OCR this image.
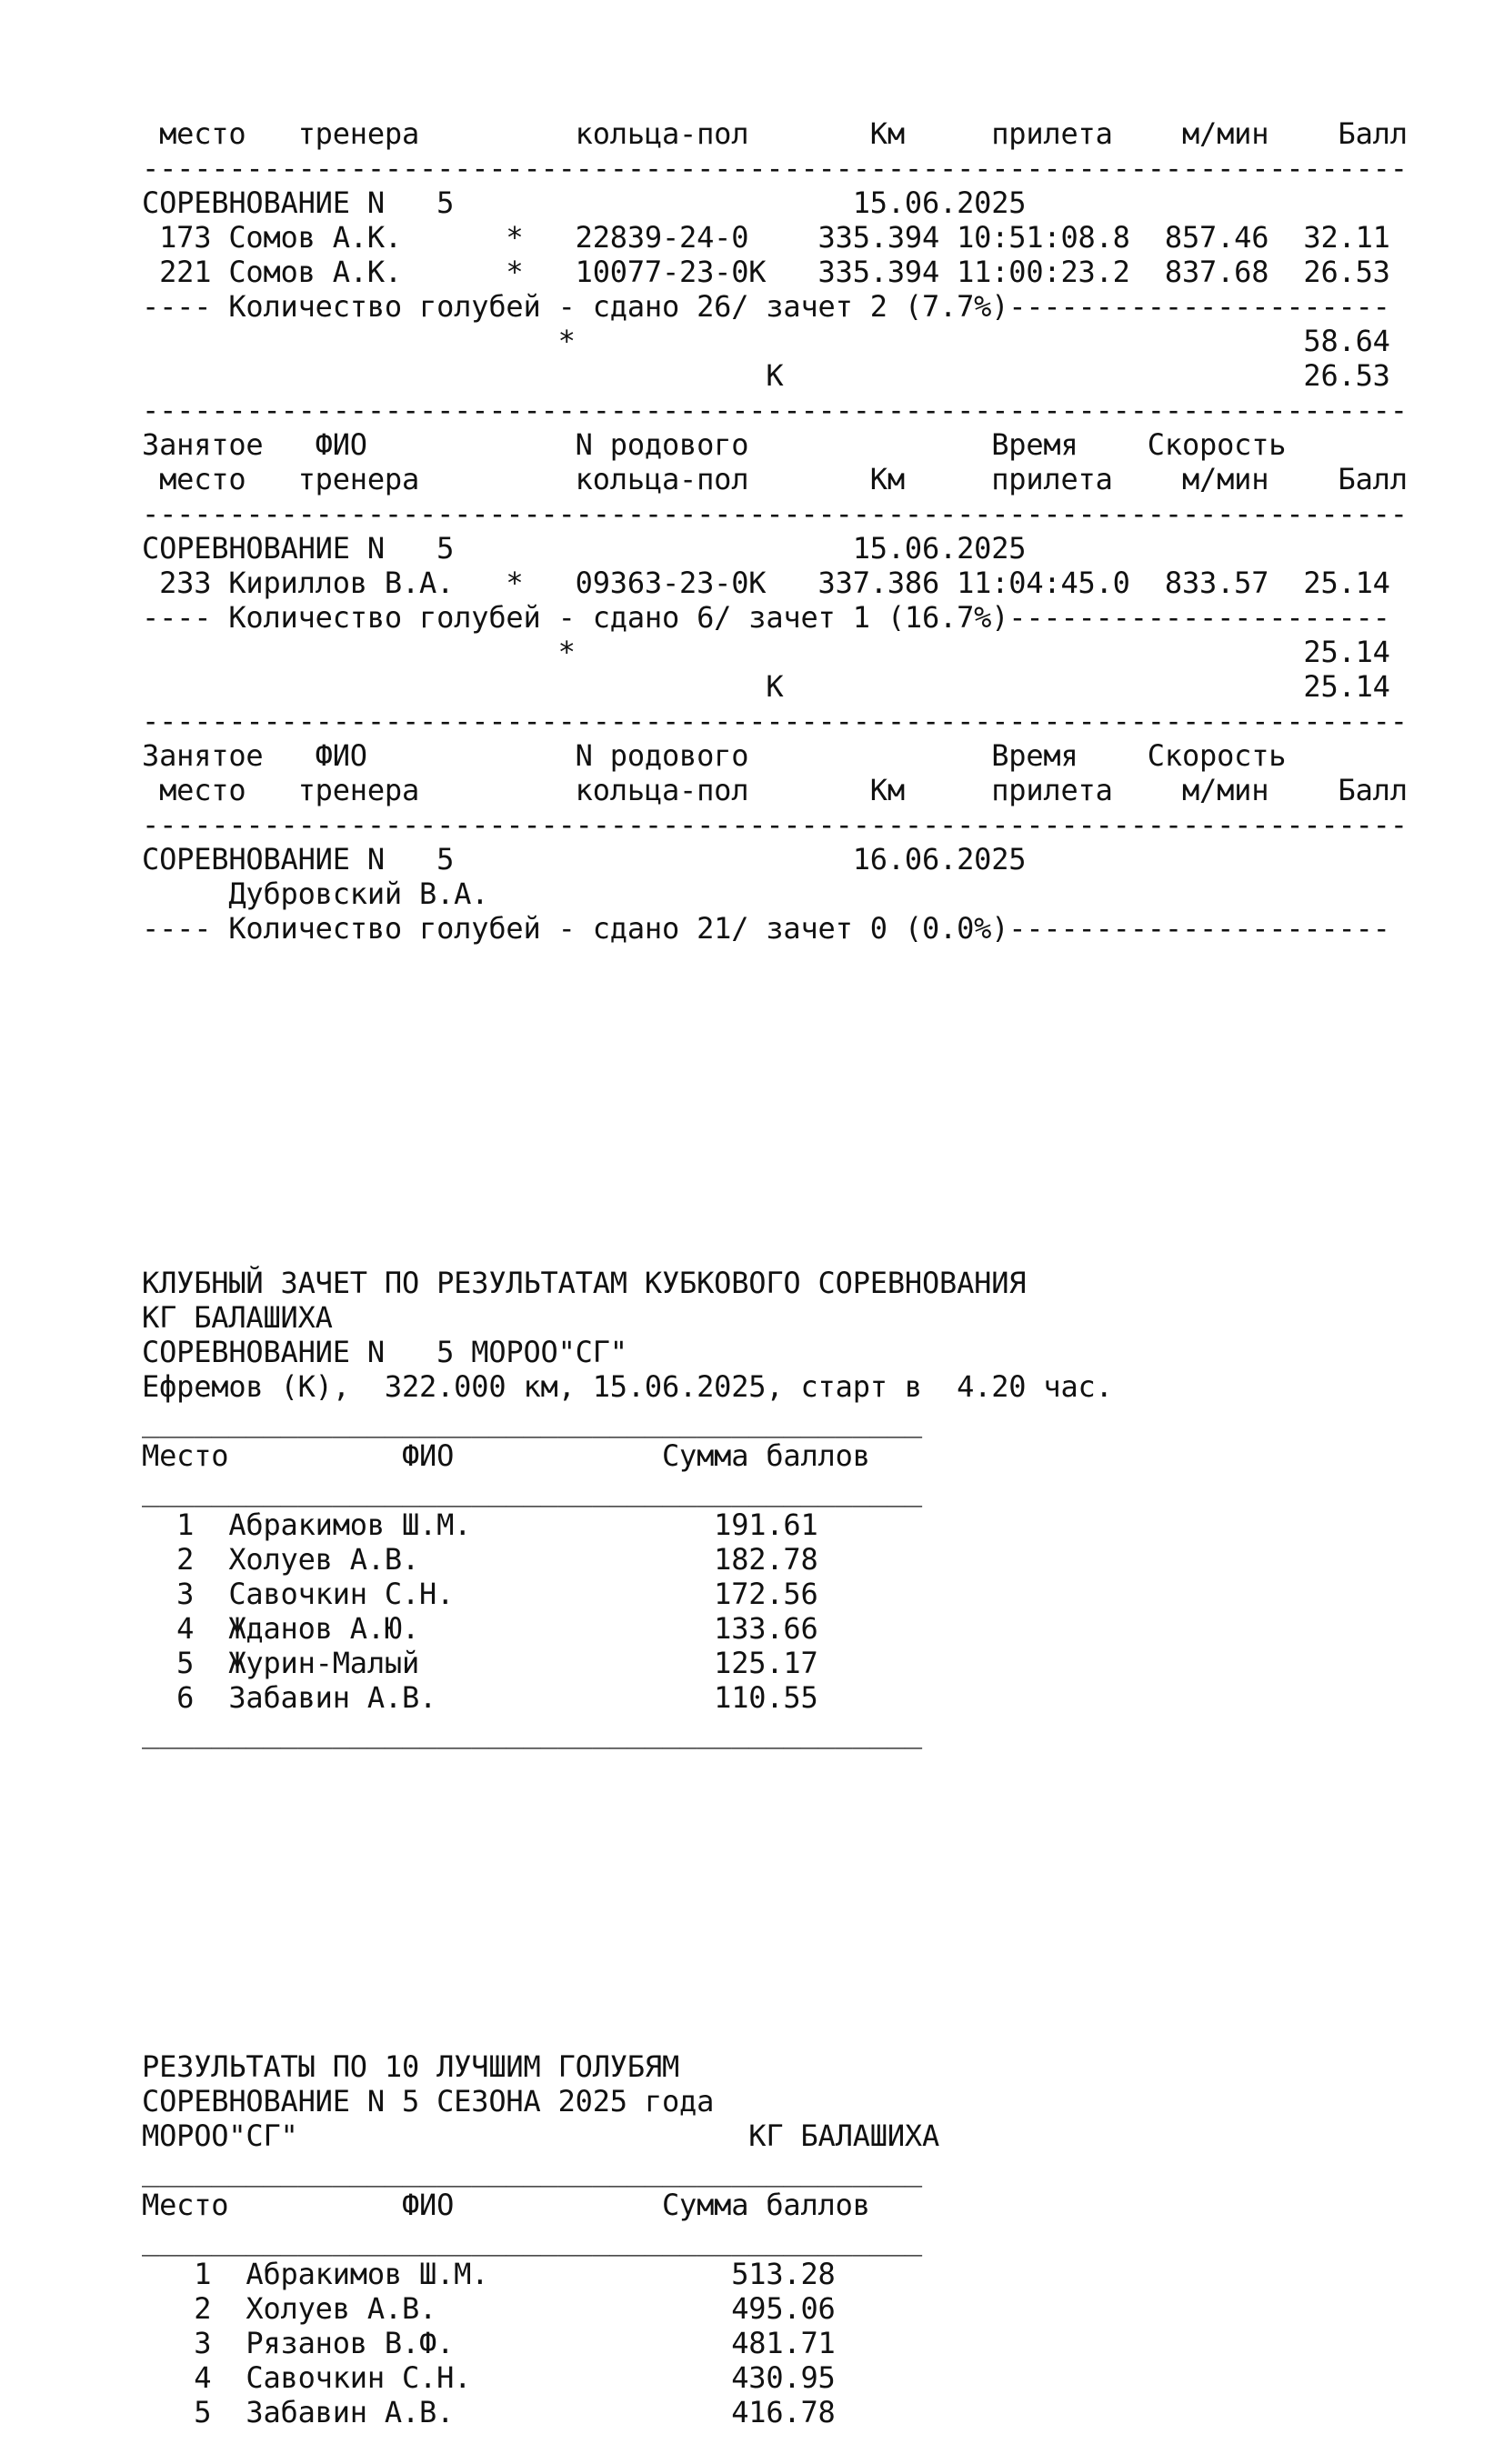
место   тренера         кольца-пол       Км     прилета    м/мин    Балл
-------------------------------------------------------------------------
СОРЕВНОВАНИЕ N   5                       15.06.2025
173 Сомов А.К.      *   22839-24-0    335.394 10:51:08.8  857.46  32.11
221 Сомов А.К.      *   10077-23-0К   335.394 11:00:23.2  837.68  26.53
---- Количество голубей - сдано 26/ зачет 2 (7.7%)----------------------
*                                          58.64
К                              26.53
-------------------------------------------------------------------------
Занятое   ФИО            N родового              Время    Скорость
место   тренера         кольца-пол       Км     прилета    м/мин    Балл
-------------------------------------------------------------------------
СОРЕВНОВАНИЕ N   5                       15.06.2025
233 Кириллов В.А.   *   09363-23-0К   337.386 11:04:45.0  833.57  25.14
---- Количество голубей - сдано 6/ зачет 1 (16.7%)----------------------
*                                          25.14
К                              25.14
-------------------------------------------------------------------------
Занятое   ФИО            N родового              Время    Скорость
место   тренера         кольца-пол       Км     прилета    м/мин    Балл
-------------------------------------------------------------------------
СОРЕВНОВАНИЕ N   5                       16.06.2025
Дубровский В.А.
---- Количество голубей - сдано 21/ зачет 0 (0.0%)----------------------

КЛУБНЫЙ ЗАЧЕТ ПО РЕЗУЛЬТАТАМ КУБКОВОГО СОРЕВНОВАНИЯ
КГ БАЛАШИХА
СОРЕВНОВАНИЕ N   5 МОРОО"СГ"
Ефремов (К),  322.000 км, 15.06.2025, старт в  4.20 час.
_____________________________________________
Место          ФИО            Сумма баллов
_____________________________________________
1  Абракимов Ш.М.              191.61
2  Холуев А.В.                 182.78
3  Савочкин С.Н.               172.56
4  Жданов А.Ю.                 133.66
5  Журин-Малый                 125.17
6  Забавин А.В.                110.55
_____________________________________________

РЕЗУЛЬТАТЫ ПО 10 ЛУЧШИМ ГОЛУБЯМ
СОРЕВНОВАНИЕ N 5 СЕЗОНА 2025 года
МОРОО"СГ"                          КГ БАЛАШИХА
_____________________________________________
Место          ФИО            Сумма баллов
_____________________________________________
1  Абракимов Ш.М.              513.28
2  Холуев А.В.                 495.06
3  Рязанов В.Ф.                481.71
4  Савочкин С.Н.               430.95
5  Забавин А.В.                416.78
